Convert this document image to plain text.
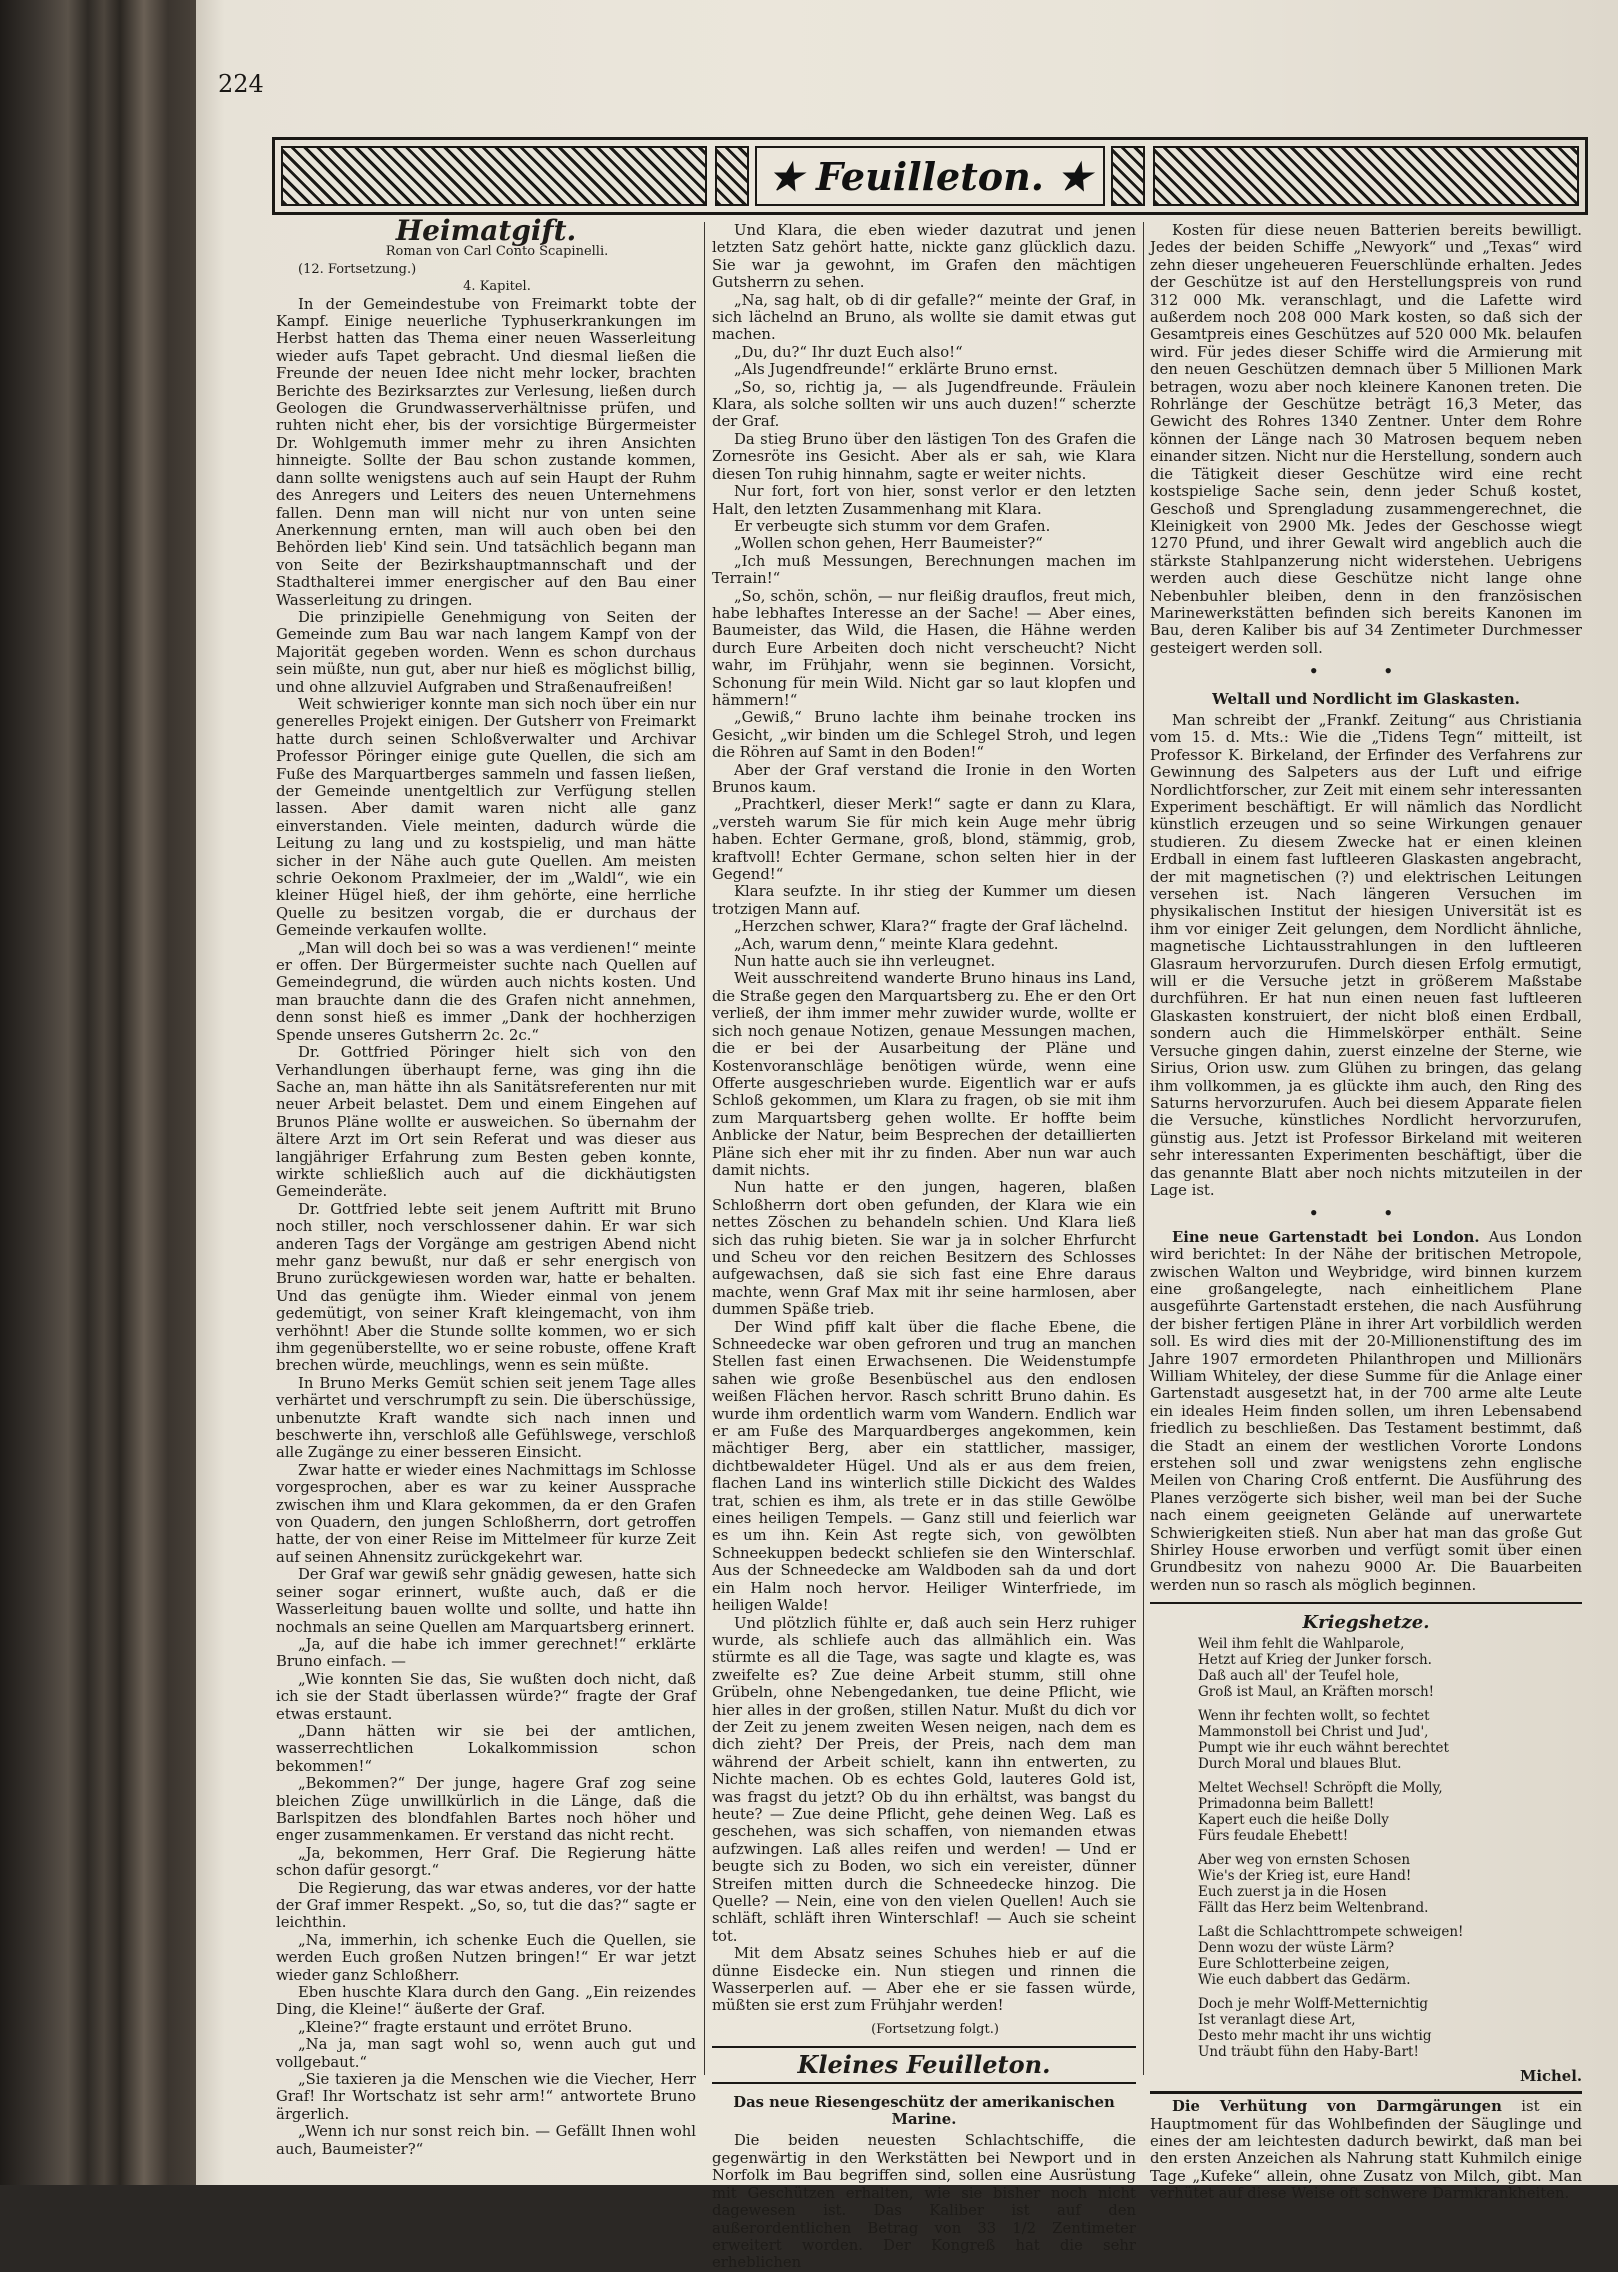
224
★ Feuilleton. ★
Heimatgift.

Roman von Carl Conto Scapinelli.

(12. Fortsetzung.)

4. Kapitel.

In der Gemeindestube von Freimarkt tobte der Kampf. Einige neuerliche Typhuserkrankungen im Herbst hatten das Thema einer neuen Wasserleitung wieder aufs Tapet gebracht. Und diesmal ließen die Freunde der neuen Idee nicht mehr locker, brachten Berichte des Bezirksarztes zur Verlesung, ließen durch Geologen die Grundwasserverhältnisse prüfen, und ruhten nicht eher, bis der vorsichtige Bürgermeister Dr. Wohlgemuth immer mehr zu ihren Ansichten hinneigte. Sollte der Bau schon zustande kommen, dann sollte wenigstens auch auf sein Haupt der Ruhm des Anregers und Leiters des neuen Unternehmens fallen. Denn man will nicht nur von unten seine Anerkennung ernten, man will auch oben bei den Behörden lieb' Kind sein. Und tatsächlich begann man von Seite der Bezirkshauptmannschaft und der Stadthalterei immer energischer auf den Bau einer Wasserleitung zu dringen.

Die prinzipielle Genehmigung von Seiten der Gemeinde zum Bau war nach langem Kampf von der Majorität gegeben worden. Wenn es schon durchaus sein müßte, nun gut, aber nur hieß es möglichst billig, und ohne allzuviel Aufgraben und Straßenaufreißen!

Weit schwieriger konnte man sich noch über ein nur generelles Projekt einigen. Der Gutsherr von Freimarkt hatte durch seinen Schloßverwalter und Archivar Professor Pöringer einige gute Quellen, die sich am Fuße des Marquartberges sammeln und fassen ließen, der Gemeinde unentgeltlich zur Verfügung stellen lassen. Aber damit waren nicht alle ganz einverstanden. Viele meinten, dadurch würde die Leitung zu lang und zu kostspielig, und man hätte sicher in der Nähe auch gute Quellen. Am meisten schrie Oekonom Praxlmeier, der im „Waldl“, wie ein kleiner Hügel hieß, der ihm gehörte, eine herrliche Quelle zu besitzen vorgab, die er durchaus der Gemeinde verkaufen wollte.

„Man will doch bei so was a was verdienen!“ meinte er offen. Der Bürgermeister suchte nach Quellen auf Gemeindegrund, die würden auch nichts kosten. Und man brauchte dann die des Grafen nicht annehmen, denn sonst hieß es immer „Dank der hochherzigen Spende unseres Gutsherrn 2c. 2c.“

Dr. Gottfried Pöringer hielt sich von den Verhandlungen überhaupt ferne, was ging ihn die Sache an, man hätte ihn als Sanitätsreferenten nur mit neuer Arbeit belastet. Dem und einem Eingehen auf Brunos Pläne wollte er ausweichen. So übernahm der ältere Arzt im Ort sein Referat und was dieser aus langjähriger Erfahrung zum Besten geben konnte, wirkte schließlich auch auf die dickhäutigsten Gemeinderäte.

Dr. Gottfried lebte seit jenem Auftritt mit Bruno noch stiller, noch verschlossener dahin. Er war sich anderen Tags der Vorgänge am gestrigen Abend nicht mehr ganz bewußt, nur daß er sehr energisch von Bruno zurückgewiesen worden war, hatte er behalten. Und das genügte ihm. Wieder einmal von jenem gedemütigt, von seiner Kraft kleingemacht, von ihm verhöhnt! Aber die Stunde sollte kommen, wo er sich ihm gegenüberstellte, wo er seine robuste, offene Kraft brechen würde, meuchlings, wenn es sein müßte.

In Bruno Merks Gemüt schien seit jenem Tage alles verhärtet und verschrumpft zu sein. Die überschüssige, unbenutzte Kraft wandte sich nach innen und beschwerte ihn, verschloß alle Gefühlswege, verschloß alle Zugänge zu einer besseren Einsicht.

Zwar hatte er wieder eines Nachmittags im Schlosse vorgesprochen, aber es war zu keiner Aussprache zwischen ihm und Klara gekommen, da er den Grafen von Quadern, den jungen Schloßherrn, dort getroffen hatte, der von einer Reise im Mittelmeer für kurze Zeit auf seinen Ahnensitz zurückgekehrt war.

Der Graf war gewiß sehr gnädig gewesen, hatte sich seiner sogar erinnert, wußte auch, daß er die Wasserleitung bauen wollte und sollte, und hatte ihn nochmals an seine Quellen am Marquartsberg erinnert.

„Ja, auf die habe ich immer gerechnet!“ erklärte Bruno einfach. —

„Wie konnten Sie das, Sie wußten doch nicht, daß ich sie der Stadt überlassen würde?“ fragte der Graf etwas erstaunt.

„Dann hätten wir sie bei der amtlichen, wasserrechtlichen Lokalkommission schon bekommen!“

„Bekommen?“ Der junge, hagere Graf zog seine bleichen Züge unwillkürlich in die Länge, daß die Barlspitzen des blondfahlen Bartes noch höher und enger zusammenkamen. Er verstand das nicht recht.

„Ja, bekommen, Herr Graf. Die Regierung hätte schon dafür gesorgt.“

Die Regierung, das war etwas anderes, vor der hatte der Graf immer Respekt. „So, so, tut die das?“ sagte er leichthin.

„Na, immerhin, ich schenke Euch die Quellen, sie werden Euch großen Nutzen bringen!“ Er war jetzt wieder ganz Schloßherr.

Eben huschte Klara durch den Gang. „Ein reizendes Ding, die Kleine!“ äußerte der Graf.

„Kleine?“ fragte erstaunt und errötet Bruno.

„Na ja, man sagt wohl so, wenn auch gut und vollgebaut.“

„Sie taxieren ja die Menschen wie die Viecher, Herr Graf! Ihr Wortschatz ist sehr arm!“ antwortete Bruno ärgerlich.

„Wenn ich nur sonst reich bin. — Gefällt Ihnen wohl auch, Baumeister?“

Und Klara, die eben wieder dazutrat und jenen letzten Satz gehört hatte, nickte ganz glücklich dazu. Sie war ja gewohnt, im Grafen den mächtigen Gutsherrn zu sehen.

„Na, sag halt, ob di dir gefalle?“ meinte der Graf, in sich lächelnd an Bruno, als wollte sie damit etwas gut machen.

„Du, du?“ Ihr duzt Euch also!“

„Als Jugendfreunde!“ erklärte Bruno ernst.

„So, so, richtig ja, — als Jugendfreunde. Fräulein Klara, als solche sollten wir uns auch duzen!“ scherzte der Graf.

Da stieg Bruno über den lästigen Ton des Grafen die Zornesröte ins Gesicht. Aber als er sah, wie Klara diesen Ton ruhig hinnahm, sagte er weiter nichts.

Nur fort, fort von hier, sonst verlor er den letzten Halt, den letzten Zusammenhang mit Klara.

Er verbeugte sich stumm vor dem Grafen.

„Wollen schon gehen, Herr Baumeister?“

„Ich muß Messungen, Berechnungen machen im Terrain!“

„So, schön, schön, — nur fleißig drauflos, freut mich, habe lebhaftes Interesse an der Sache! — Aber eines, Baumeister, das Wild, die Hasen, die Hähne werden durch Eure Arbeiten doch nicht verscheucht? Nicht wahr, im Frühjahr, wenn sie beginnen. Vorsicht, Schonung für mein Wild. Nicht gar so laut klopfen und hämmern!“

„Gewiß,“ Bruno lachte ihm beinahe trocken ins Gesicht, „wir binden um die Schlegel Stroh, und legen die Röhren auf Samt in den Boden!“

Aber der Graf verstand die Ironie in den Worten Brunos kaum.

„Prachtkerl, dieser Merk!“ sagte er dann zu Klara, „versteh warum Sie für mich kein Auge mehr übrig haben. Echter Germane, groß, blond, stämmig, grob, kraftvoll! Echter Germane, schon selten hier in der Gegend!“

Klara seufzte. In ihr stieg der Kummer um diesen trotzigen Mann auf.

„Herzchen schwer, Klara?“ fragte der Graf lächelnd.

„Ach, warum denn,“ meinte Klara gedehnt.

Nun hatte auch sie ihn verleugnet.

Weit ausschreitend wanderte Bruno hinaus ins Land, die Straße gegen den Marquartsberg zu. Ehe er den Ort verließ, der ihm immer mehr zuwider wurde, wollte er sich noch genaue Notizen, genaue Messungen machen, die er bei der Ausarbeitung der Pläne und Kostenvoranschläge benötigen würde, wenn eine Offerte ausgeschrieben wurde. Eigentlich war er aufs Schloß gekommen, um Klara zu fragen, ob sie mit ihm zum Marquartsberg gehen wollte. Er hoffte beim Anblicke der Natur, beim Besprechen der detaillierten Pläne sich eher mit ihr zu finden. Aber nun war auch damit nichts.

Nun hatte er den jungen, hageren, blaßen Schloßherrn dort oben gefunden, der Klara wie ein nettes Zöschen zu behandeln schien. Und Klara ließ sich das ruhig bieten. Sie war ja in solcher Ehrfurcht und Scheu vor den reichen Besitzern des Schlosses aufgewachsen, daß sie sich fast eine Ehre daraus machte, wenn Graf Max mit ihr seine harmlosen, aber dummen Späße trieb.

Der Wind pfiff kalt über die flache Ebene, die Schneedecke war oben gefroren und trug an manchen Stellen fast einen Erwachsenen. Die Weidenstumpfe sahen wie große Besenbüschel aus den endlosen weißen Flächen hervor. Rasch schritt Bruno dahin. Es wurde ihm ordentlich warm vom Wandern. Endlich war er am Fuße des Marquardberges angekommen, kein mächtiger Berg, aber ein stattlicher, massiger, dichtbewaldeter Hügel. Und als er aus dem freien, flachen Land ins winterlich stille Dickicht des Waldes trat, schien es ihm, als trete er in das stille Gewölbe eines heiligen Tempels. — Ganz still und feierlich war es um ihn. Kein Ast regte sich, von gewölbten Schneekuppen bedeckt schliefen sie den Winterschlaf. Aus der Schneedecke am Waldboden sah da und dort ein Halm noch hervor. Heiliger Winterfriede, im heiligen Walde!

Und plötzlich fühlte er, daß auch sein Herz ruhiger wurde, als schliefe auch das allmählich ein. Was stürmte es all die Tage, was sagte und klagte es, was zweifelte es? Zue deine Arbeit stumm, still ohne Grübeln, ohne Nebengedanken, tue deine Pflicht, wie hier alles in der großen, stillen Natur. Mußt du dich vor der Zeit zu jenem zweiten Wesen neigen, nach dem es dich zieht? Der Preis, der Preis, nach dem man während der Arbeit schielt, kann ihn entwerten, zu Nichte machen. Ob es echtes Gold, lauteres Gold ist, was fragst du jetzt? Ob du ihn erhältst, was bangst du heute? — Zue deine Pflicht, gehe deinen Weg. Laß es geschehen, was sich schaffen, von niemanden etwas aufzwingen. Laß alles reifen und werden! — Und er beugte sich zu Boden, wo sich ein vereister, dünner Streifen mitten durch die Schneedecke hinzog. Die Quelle? — Nein, eine von den vielen Quellen! Auch sie schläft, schläft ihren Winterschlaf! — Auch sie scheint tot.

Mit dem Absatz seines Schuhes hieb er auf die dünne Eisdecke ein. Nun stiegen und rinnen die Wasserperlen auf. — Aber ehe er sie fassen würde, müßten sie erst zum Frühjahr werden!

(Fortsetzung folgt.)

Kleines Feuilleton.
Das neue Riesengeschütz der amerikanischen Marine.

Die beiden neuesten Schlachtschiffe, die gegenwärtig in den Werkstätten bei Newport und in Norfolk im Bau begriffen sind, sollen eine Ausrüstung mit Geschützen erhalten, wie sie bisher noch nicht dagewesen ist. Das Kaliber ist auf den außerordentlichen Betrag von 33 1/2 Zentimeter erweitert worden. Der Kongreß hat die sehr erheblichen

Kosten für diese neuen Batterien bereits bewilligt. Jedes der beiden Schiffe „Newyork“ und „Texas“ wird zehn dieser ungeheueren Feuerschlünde erhalten. Jedes der Geschütze ist auf den Herstellungspreis von rund 312 000 Mk. veranschlagt, und die Lafette wird außerdem noch 208 000 Mark kosten, so daß sich der Gesamtpreis eines Geschützes auf 520 000 Mk. belaufen wird. Für jedes dieser Schiffe wird die Armierung mit den neuen Geschützen demnach über 5 Millionen Mark betragen, wozu aber noch kleinere Kanonen treten. Die Rohrlänge der Geschütze beträgt 16,3 Meter, das Gewicht des Rohres 1340 Zentner. Unter dem Rohre können der Länge nach 30 Matrosen bequem neben einander sitzen. Nicht nur die Herstellung, sondern auch die Tätigkeit dieser Geschütze wird eine recht kostspielige Sache sein, denn jeder Schuß kostet, Geschoß und Sprengladung zusammengerechnet, die Kleinigkeit von 2900 Mk. Jedes der Geschosse wiegt 1270 Pfund, und ihrer Gewalt wird angeblich auch die stärkste Stahlpanzerung nicht widerstehen. Uebrigens werden auch diese Geschütze nicht lange ohne Nebenbuhler bleiben, denn in den französischen Marinewerkstätten befinden sich bereits Kanonen im Bau, deren Kaliber bis auf 34 Zentimeter Durchmesser gesteigert werden soll.

• •
Weltall und Nordlicht im Glaskasten.

Man schreibt der „Frankf. Zeitung“ aus Christiania vom 15. d. Mts.: Wie die „Tidens Tegn“ mitteilt, ist Professor K. Birkeland, der Erfinder des Verfahrens zur Gewinnung des Salpeters aus der Luft und eifrige Nordlichtforscher, zur Zeit mit einem sehr interessanten Experiment beschäftigt. Er will nämlich das Nordlicht künstlich erzeugen und so seine Wirkungen genauer studieren. Zu diesem Zwecke hat er einen kleinen Erdball in einem fast luftleeren Glaskasten angebracht, der mit magnetischen (?) und elektrischen Leitungen versehen ist. Nach längeren Versuchen im physikalischen Institut der hiesigen Universität ist es ihm vor einiger Zeit gelungen, dem Nordlicht ähnliche, magnetische Lichtausstrahlungen in den luftleeren Glasraum hervorzurufen. Durch diesen Erfolg ermutigt, will er die Versuche jetzt in größerem Maßstabe durchführen. Er hat nun einen neuen fast luftleeren Glaskasten konstruiert, der nicht bloß einen Erdball, sondern auch die Himmelskörper enthält. Seine Versuche gingen dahin, zuerst einzelne der Sterne, wie Sirius, Orion usw. zum Glühen zu bringen, das gelang ihm vollkommen, ja es glückte ihm auch, den Ring des Saturns hervorzurufen. Auch bei diesem Apparate fielen die Versuche, künstliches Nordlicht hervorzurufen, günstig aus. Jetzt ist Professor Birkeland mit weiteren sehr interessanten Experimenten beschäftigt, über die das genannte Blatt aber noch nichts mitzuteilen in der Lage ist.

• •

Eine neue Gartenstadt bei London. Aus London wird berichtet: In der Nähe der britischen Metropole, zwischen Walton und Weybridge, wird binnen kurzem eine großangelegte, nach einheitlichem Plane ausgeführte Gartenstadt erstehen, die nach Ausführung der bisher fertigen Pläne in ihrer Art vorbildlich werden soll. Es wird dies mit der 20-Millionenstiftung des im Jahre 1907 ermordeten Philanthropen und Millionärs William Whiteley, der diese Summe für die Anlage einer Gartenstadt ausgesetzt hat, in der 700 arme alte Leute ein ideales Heim finden sollen, um ihren Lebensabend friedlich zu beschließen. Das Testament bestimmt, daß die Stadt an einem der westlichen Vororte Londons erstehen soll und zwar wenigstens zehn englische Meilen von Charing Croß entfernt. Die Ausführung des Planes verzögerte sich bisher, weil man bei der Suche nach einem geeigneten Gelände auf unerwartete Schwierigkeiten stieß. Nun aber hat man das große Gut Shirley House erworben und verfügt somit über einen Grundbesitz von nahezu 9000 Ar. Die Bauarbeiten werden nun so rasch als möglich beginnen.

Kriegshetze.

Weil ihm fehlt die Wahlparole,
Hetzt auf Krieg der Junker forsch.
Daß auch all' der Teufel hole,
Groß ist Maul, an Kräften morsch!

Wenn ihr fechten wollt, so fechtet
Mammonstoll bei Christ und Jud',
Pumpt wie ihr euch wähnt berechtet
Durch Moral und blaues Blut.

Meltet Wechsel! Schröpft die Molly,
Primadonna beim Ballett!
Kapert euch die heiße Dolly
Fürs feudale Ehebett!

Aber weg von ernsten Schosen
Wie's der Krieg ist, eure Hand!
Euch zuerst ja in die Hosen
Fällt das Herz beim Weltenbrand.

Laßt die Schlachttrompete schweigen!
Denn wozu der wüste Lärm?
Eure Schlotterbeine zeigen,
Wie euch dabbert das Gedärm.

Doch je mehr Wolff-Metternichtig
Ist veranlagt diese Art,
Desto mehr macht ihr uns wichtig
Und träubt fühn den Haby-Bart!

Michel.

Die Verhütung von Darmgärungen ist ein Hauptmoment für das Wohlbefinden der Säuglinge und eines der am leichtesten dadurch bewirkt, daß man bei den ersten Anzeichen als Nahrung statt Kuhmilch einige Tage „Kufeke“ allein, ohne Zusatz von Milch, gibt. Man verhütet auf diese Weise oft schwere Darmkrankheiten.
